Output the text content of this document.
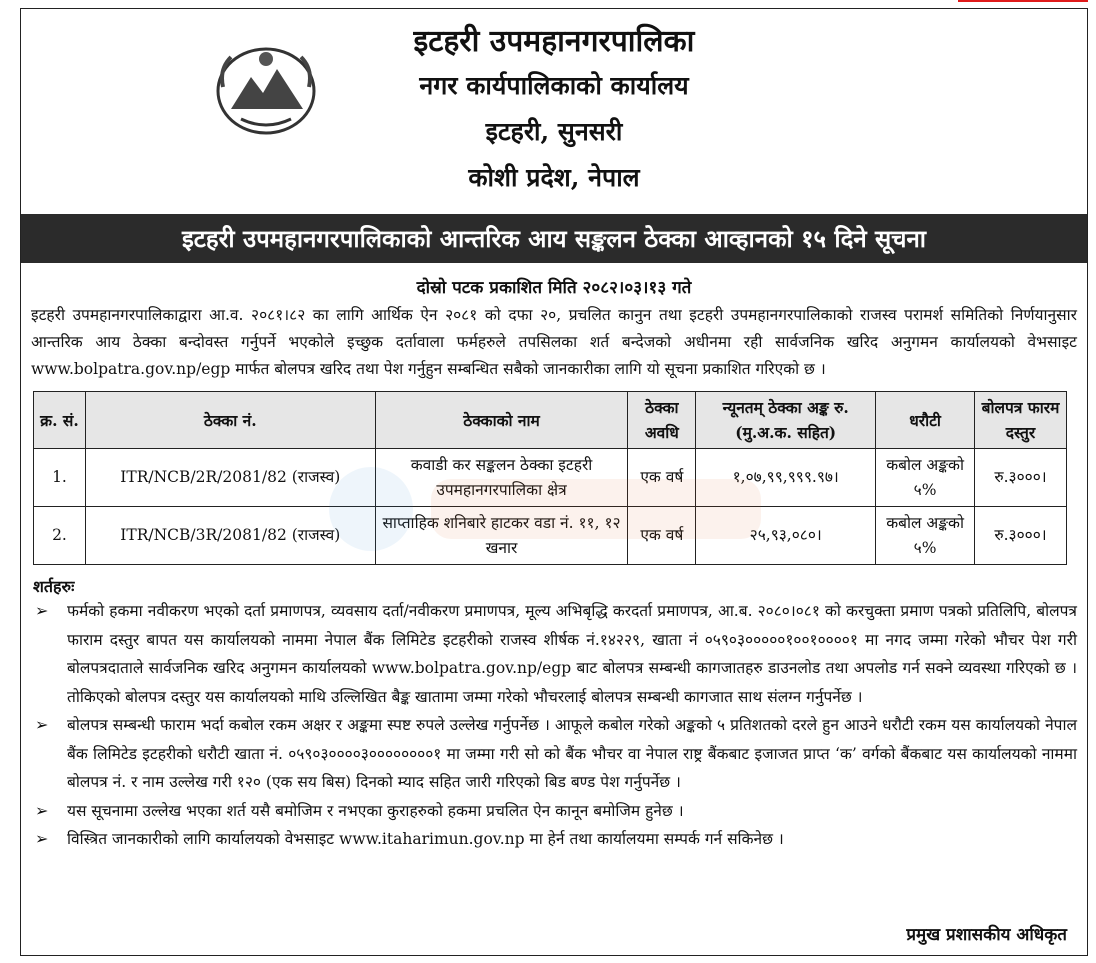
इटहरी उपमहानगरपालिका
नगर कार्यपालिकाको कार्यालय
इटहरी, सुनसरी
कोशी प्रदेश, नेपाल
इटहरी उपमहानगरपालिकाको आन्तरिक आय सङ्कलन ठेक्का आव्हानको १५ दिने सूचना
दोस्रो पटक प्रकाशित मिति २०८२।०३।१३ गते
इटहरी उपमहानगरपालिकाद्वारा आ.व. २०८१।८२ का लागि आर्थिक ऐन २०८१ को दफा २०, प्रचलित कानुन तथा इटहरी उपमहानगरपालिकाको राजस्व परामर्श समितिको निर्णयानुसार आन्तरिक आय ठेक्का बन्दोवस्त गर्नुपर्ने भएकोले इच्छुक दर्तावाला फर्महरुले तपसिलका शर्त बन्देजको अधीनमा रही सार्वजनिक खरिद अनुगमन कार्यालयको वेभसाइट www.bolpatra.gov.np/egp मार्फत बोलपत्र खरिद तथा पेश गर्नुहुन सम्बन्धित सबैको जानकारीका लागि यो सूचना प्रकाशित गरिएको छ ।
क्र. सं.	ठेक्का नं.	ठेक्काको नाम	ठेक्का अवधि	न्यूनतम् ठेक्का अङ्क रु. (मु.अ.क. सहित)	धरौटी	बोलपत्र फारम दस्तुर
1.	ITR/NCB/2R/2081/82 (राजस्व)	कवाडी कर सङ्कलन ठेक्का इटहरी उपमहानगरपालिका क्षेत्र	एक वर्ष	१,०७,९९,९९९.९७।	कबोल अङ्कको ५%	रु.३०००।
2.	ITR/NCB/3R/2081/82 (राजस्व)	साप्ताहिक शनिबारे हाटकर वडा नं. ११, १२ खनार	एक वर्ष	२५,९३,०८०।	कबोल अङ्कको ५%	रु.३०००।
शर्तहरुः
➢ फर्मको हकमा नवीकरण भएको दर्ता प्रमाणपत्र, व्यवसाय दर्ता/नवीकरण प्रमाणपत्र, मूल्य अभिबृद्धि करदर्ता प्रमाणपत्र, आ.ब. २०८०।०८१ को करचुक्ता प्रमाण पत्रको प्रतिलिपि, बोलपत्र फाराम दस्तुर बापत यस कार्यालयको नाममा नेपाल बैंक लिमिटेड इटहरीको राजस्व शीर्षक नं.१४२२९, खाता नं ०५९०३०००००१००१००००१ मा नगद जम्मा गरेको भौचर पेश गरी बोलपत्रदाताले सार्वजनिक खरिद अनुगमन कार्यालयको www.bolpatra.gov.np/egp बाट बोलपत्र सम्बन्धी कागजातहरु डाउनलोड तथा अपलोड गर्न सक्ने व्यवस्था गरिएको छ । तोकिएको बोलपत्र दस्तुर यस कार्यालयको माथि उल्लिखित बैङ्क खातामा जम्मा गरेको भौचरलाई बोलपत्र सम्बन्धी कागजात साथ संलग्न गर्नुपर्नेछ ।
➢ बोलपत्र सम्बन्धी फाराम भर्दा कबोल रकम अक्षर र अङ्कमा स्पष्ट रुपले उल्लेख गर्नुपर्नेछ । आफूले कबोल गरेको अङ्कको ५ प्रतिशतको दरले हुन आउने धरौटी रकम यस कार्यालयको नेपाल बैंक लिमिटेड इटहरीको धरौटी खाता नं. ०५९०३००००३००००००००१ मा जम्मा गरी सो को बैंक भौचर वा नेपाल राष्ट्र बैंकबाट इजाजत प्राप्त ‘क’ वर्गको बैंकबाट यस कार्यालयको नाममा बोलपत्र नं. र नाम उल्लेख गरी १२० (एक सय बिस) दिनको म्याद सहित जारी गरिएको बिड बण्ड पेश गर्नुपर्नेछ ।
➢ यस सूचनामा उल्लेख भएका शर्त यसै बमोजिम र नभएका कुराहरुको हकमा प्रचलित ऐन कानून बमोजिम हुनेछ ।
➢ विस्त्रित जानकारीको लागि कार्यालयको वेभसाइट www.itaharimun.gov.np मा हेर्न तथा कार्यालयमा सम्पर्क गर्न सकिनेछ ।
प्रमुख प्रशासकीय अधिकृत
